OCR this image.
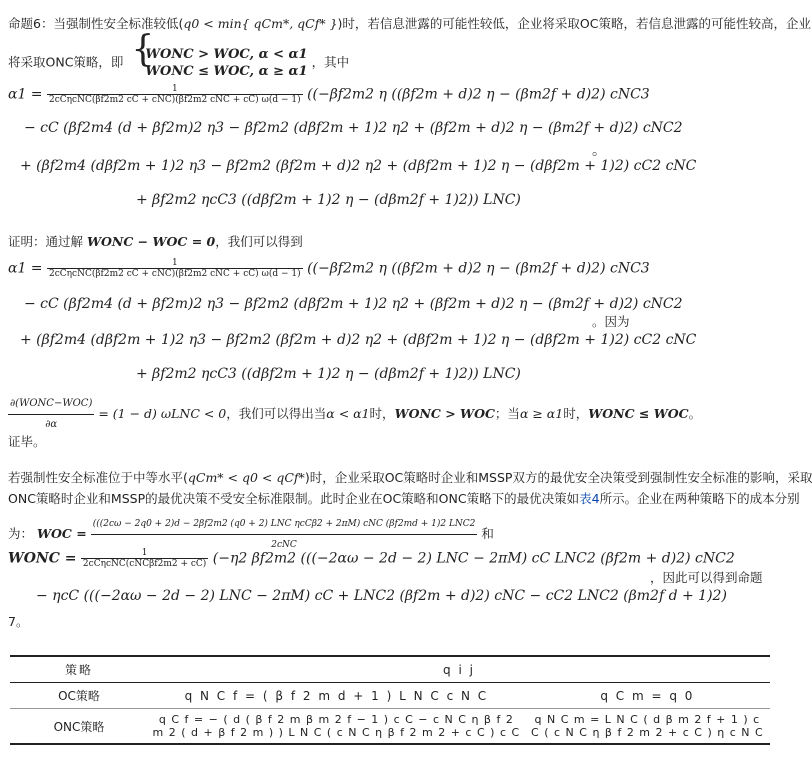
命题6：当强制性安全标准较低(q0 < min{ qCm*, qCf* })时，若信息泄露的可能性较低，企业将采取OC策略，若信息泄露的可能性较高，企业
将采取ONC策略，即 { WONC > WOC, α < α1
WONC ≤ WOC, α ≥ α1
，其中
$\alpha 1 = \frac{1}{\text{2cCηcNC(βf2m2 cC + cNC)(βf2m2 cNC + cC) ω(d − 1)}} ((-\beta f2m2$ η ((βf2m + d)2 η − (βm2f + d)2) cNC3
− cC (βf2m4 (d + βf2m)2 η3 − βf2m2 (dβf2m + 1)2 η2 + (βf2m + d)2 η − (βm2f + d)2) cNC2
。
+ (βf2m4 (dβf2m + 1)2 η3 − βf2m2 (βf2m + d)2 η2 + (dβf2m + 1)2 η − (dβf2m + 1)2) cC2 cNC
+ βf2m2 ηcC3 ((dβf2m + 1)2 η − (dβm2f + 1)2)) LNC)
证明：通过解 WONC − WOC = 0，我们可以得到
$\alpha 1 = \frac{1}{\text{2cCηcNC(βf2m2 cC + cNC)(βf2m2 cNC + cC) ω(d − 1)}} ((-\beta f2m2$ η ((βf2m + d)2 η − (βm2f + d)2) cNC3
− cC (βf2m4 (d + βf2m)2 η3 − βf2m2 (dβf2m + 1)2 η2 + (βf2m + d)2 η − (βm2f + d)2) cNC2
。因为
+ (βf2m4 (dβf2m + 1)2 η3 − βf2m2 (βf2m + d)2 η2 + (dβf2m + 1)2 η − (dβf2m + 1)2) cC2 cNC
+ βf2m2 ηcC3 ((dβf2m + 1)2 η − (dβm2f + 1)2)) LNC)
$\frac{\text{∂(WONC−WOC)}}{\partial\alpha} = (1 - d) \omega LNC < 0$，我们可以得出当α < α1时，WONC > WOC；当α ≥ α1时，WONC ≤ WOC。
证毕。
若强制性安全标准位于中等水平(qCm* < q0 < qCf*)时，企业采取OC策略时企业和MSSP双方的最优安全决策受到强制性安全标准的影响，采取
ONC策略时企业和MSSP的最优决策不受安全标准限制。此时企业在OC策略和ONC策略下的最优决策如表4所示。企业在两种策略下的成本分别
为： WOC =
(((2cω − 2q0 + 2)d − 2βf2m2 (q0 + 2) LNC ηcCβ2 + 2πM) cNC (βf2md + 1)2 LNC2
2cNC
和
WONC = $\frac{1}{\text{2cCηcNC(cNCβf2m2 + cC)}} (-\eta 2$ βf2m2 (((−2αω − 2d − 2) LNC − 2πM) cC LNC2 (βf2m + d)2) cNC2
，因此可以得到命题
− ηcC (((−2αω − 2d − 2) LNC − 2πM) cC + LNC2 (βf2m + d)2) cNC − cC2 LNC2 (βm2f d + 1)2)
7。
策略	q i j	
OC策略	q N C f = ( β f 2 m d + 1 ) L N C c N C	q C m = q 0
ONC策略	q C f = − ( d ( β f 2 m β m 2 f − 1 ) c C − c N C η β f 2 m 2 ( d + β f 2 m ) ) L N C ( c N C η β f 2 m 2 + c C ) c C	q N C m = L N C ( d β m 2 f + 1 ) c C ( c N C η β f 2 m 2 + c C ) η c N C
